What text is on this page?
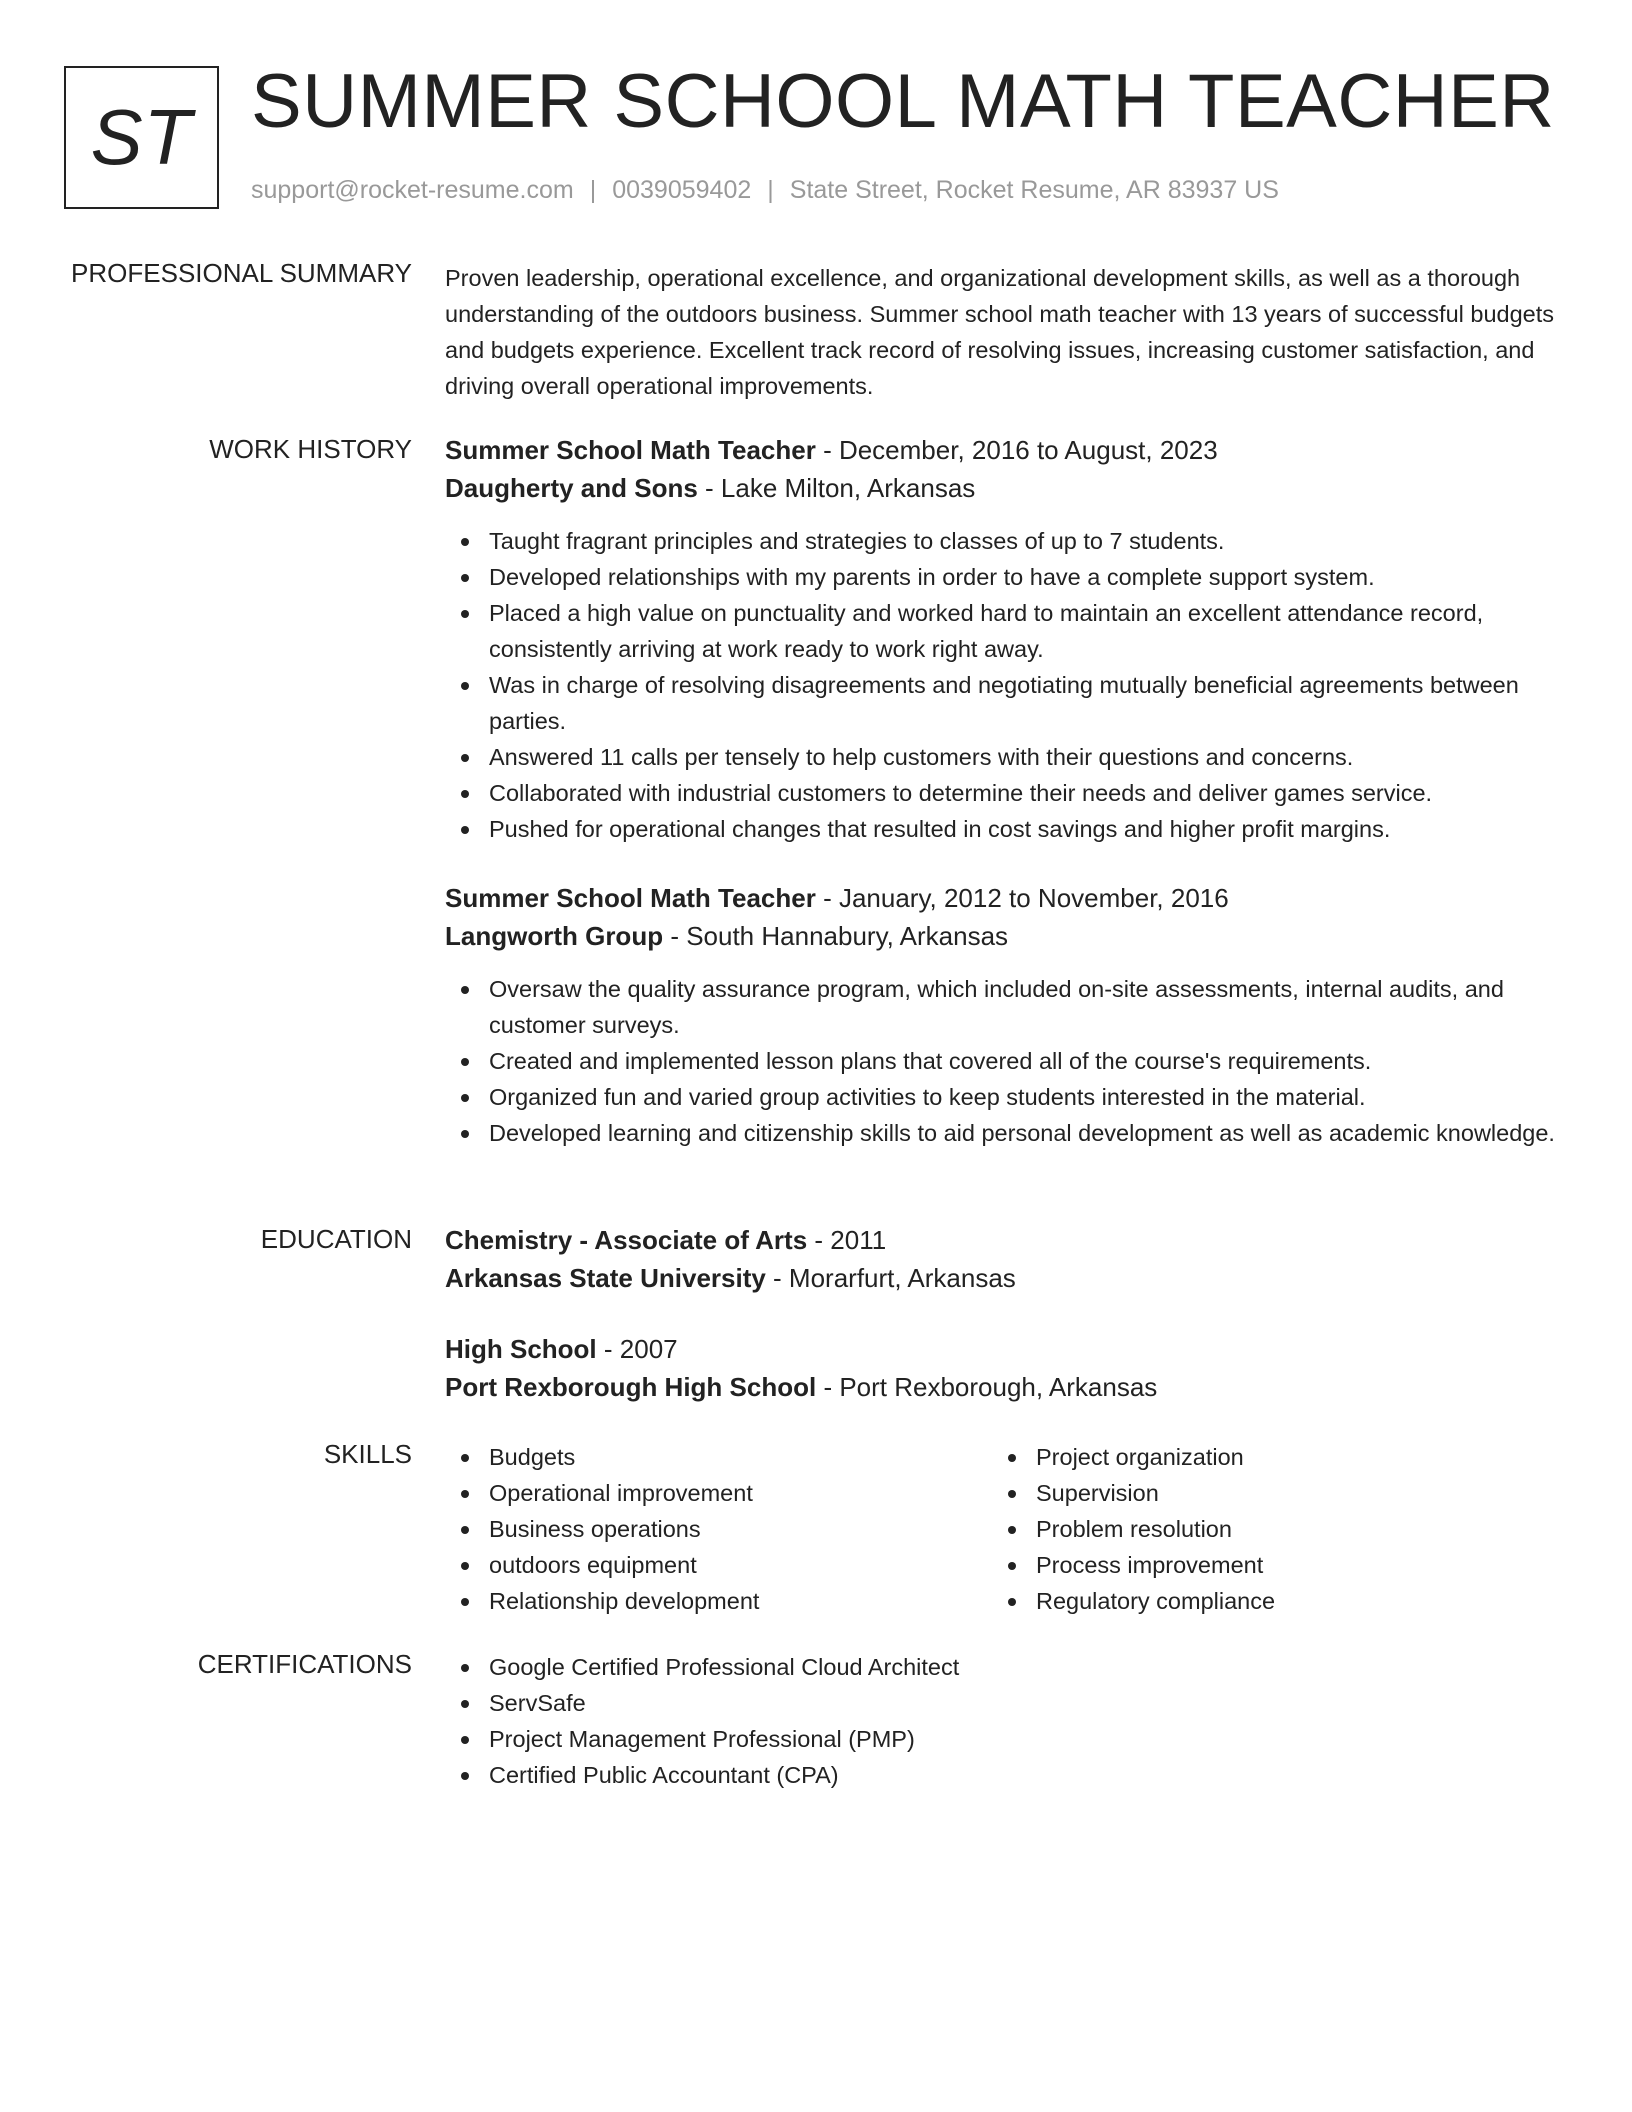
ST SUMMER SCHOOL MATH TEACHER
support@rocket-resume.com | 0039059402 | State Street, Rocket Resume, AR 83937 US
PROFESSIONAL SUMMARY Proven leadership, operational excellence, and organizational development skills, as well as a thorough understanding of the outdoors business. Summer school math teacher with 13 years of successful budgets and budgets experience. Excellent track record of resolving issues, increasing customer satisfaction, and driving overall operational improvements.

WORK HISTORY Summer School Math Teacher - December, 2016 to August, 2023
Daugherty and Sons - Lake Milton, Arkansas
Taught fragrant principles and strategies to classes of up to 7 students.
Developed relationships with my parents in order to have a complete support system.
Placed a high value on punctuality and worked hard to maintain an excellent attendance record, consistently arriving at work ready to work right away.
Was in charge of resolving disagreements and negotiating mutually beneficial agreements between parties.
Answered 11 calls per tensely to help customers with their questions and concerns.
Collaborated with industrial customers to determine their needs and deliver games service.
Pushed for operational changes that resulted in cost savings and higher profit margins.
Summer School Math Teacher - January, 2012 to November, 2016
Langworth Group - South Hannabury, Arkansas
Oversaw the quality assurance program, which included on-site assessments, internal audits, and customer surveys.
Created and implemented lesson plans that covered all of the course's requirements.
Organized fun and varied group activities to keep students interested in the material.
Developed learning and citizenship skills to aid personal development as well as academic knowledge.
EDUCATION Chemistry - Associate of Arts - 2011
Arkansas State University - Morarfurt, Arkansas
High School - 2007
Port Rexborough High School - Port Rexborough, Arkansas
SKILLS	Budgets
Operational improvement
Business operations
outdoors equipment
Relationship development
Project organization
Supervision
Problem resolution
Process improvement
Regulatory compliance
CERTIFICATIONS	Google Certified Professional Cloud Architect
ServSafe
Project Management Professional (PMP)
Certified Public Accountant (CPA)
